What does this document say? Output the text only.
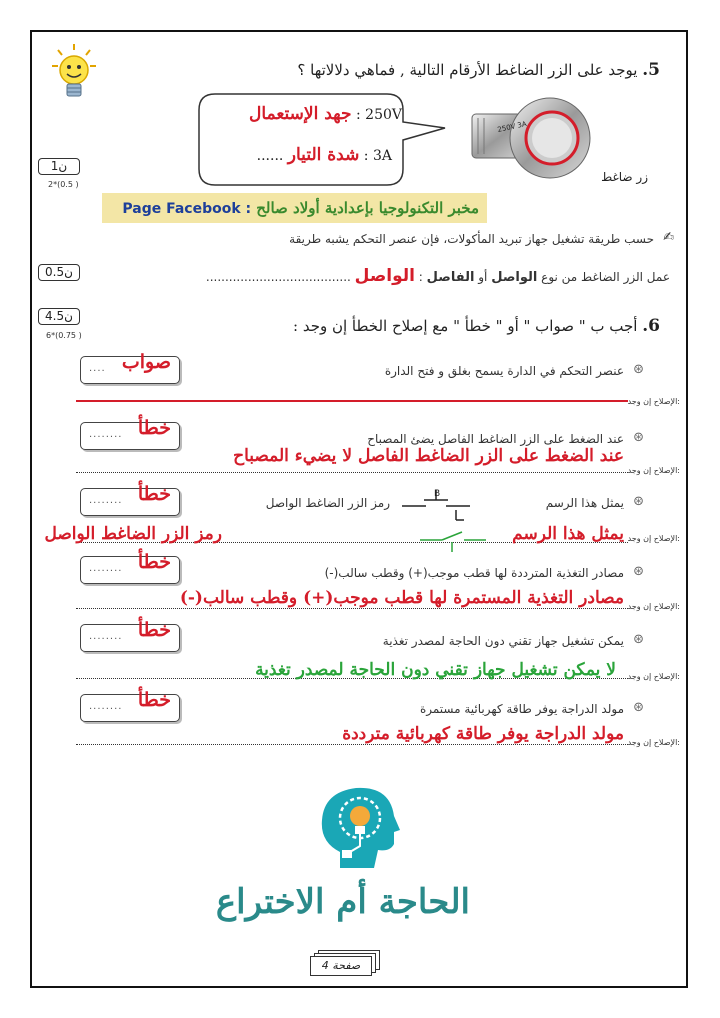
5. يوجد على الزر الضاغط الأرقام التالية , فماهي دلالاتها ؟
250V : جهد الإستعمال
3A : شدة التيار ......
250V 3A
زر ضاغط
1ن
2*(0.5 )
مخبر التكنولوجيا بإعدادية أولاد صالح Page Facebook :
✍
حسب طريقة تشغيل جهاز تبريد المأكولات، فإن عنصر التحكم يشبه طريقة
عمل الزر الضاغط من نوع الواصل أو الفاصل : الواصل ......................................
0.5ن
4.5ن
6*(0.75 )	6. أجب ب " صواب " أو " خطأ " مع إصلاح الخطأ إن وجد :
⊛
عنصر التحكم في الدارة يسمح بغلق و فتح الدارة
صواب
....
الإصلاح إن وجد:
⊛
عند الضغط على الزر الضاغط الفاصل يضئ المصباح
خطأ
........
الإصلاح إن وجد:
عند الضغط على الزر الضاغط الفاصل لا يضيء المصباح
⊛
يمثل هذا الرسم
B
رمز الزر الضاغط الواصل
خطأ
........
الإصلاح إن وجد:
يمثل هذا الرسم
رمز الزر الضاغط الواصل
⊛
مصادر التغذية المترددة لها قطب موجب(+) وقطب سالب(-)
خطأ
........
الإصلاح إن وجد:
مصادر التغذية المستمرة لها قطب موجب(+) وقطب سالب(-)
⊛
يمكن تشغيل جهاز تقني دون الحاجة لمصدر تغذية
خطأ
........
الإصلاح إن وجد:
لا يمكن تشغيل جهاز تقني دون الحاجة لمصدر تغذية
⊛
مولد الدراجة يوفر طاقة كهربائية مستمرة
خطأ
........
الإصلاح إن وجد:
مولد الدراجة يوفر طاقة كهربائية مترددة
الحاجة أم الاختراع
صفحة 4
